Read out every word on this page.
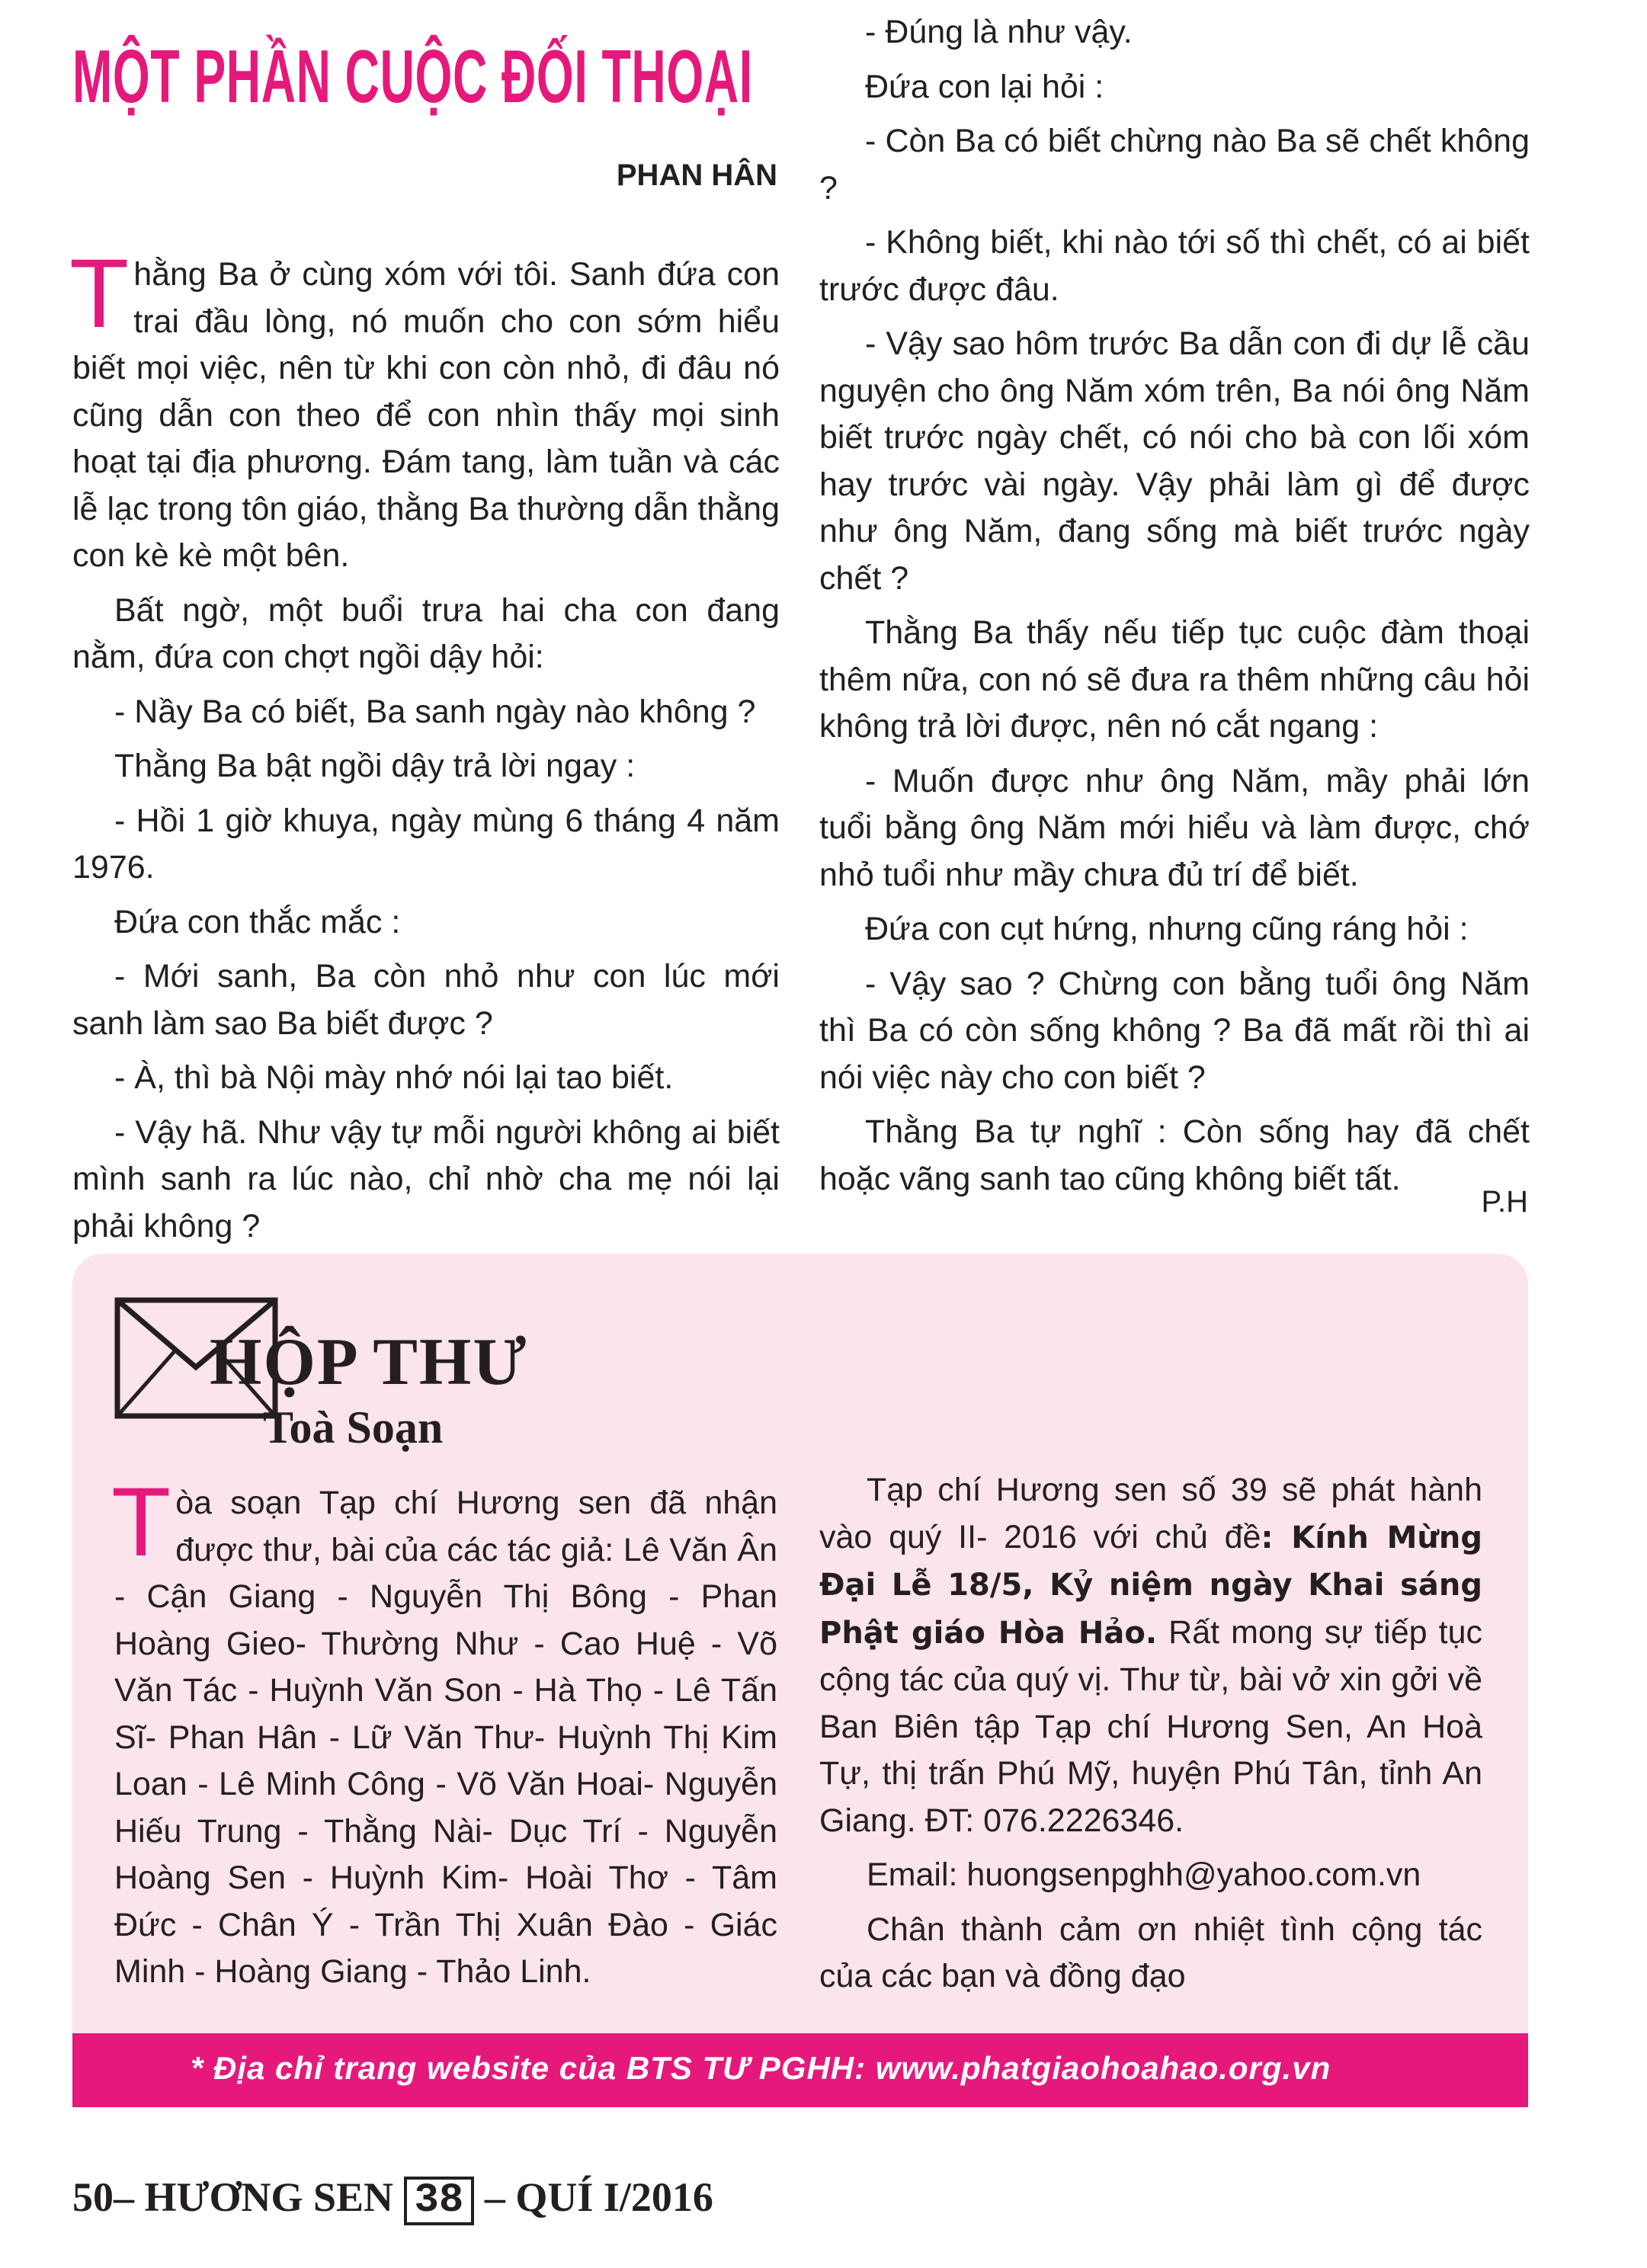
MỘT PHẦN CUỘC ĐỐI THOẠI
PHAN HÂN

Thằng Ba ở cùng xóm với tôi. Sanh đứa con trai đầu lòng, nó muốn cho con sớm hiểu biết mọi việc, nên từ khi con còn nhỏ, đi đâu nó cũng dẫn con theo để con nhìn thấy mọi sinh hoạt tại địa phương. Đám tang, làm tuần và các lễ lạc trong tôn giáo, thằng Ba thường dẫn thằng con kè kè một bên.

Bất ngờ, một buổi trưa hai cha con đang nằm, đứa con chợt ngồi dậy hỏi:

- Nầy Ba có biết, Ba sanh ngày nào không ?

Thằng Ba bật ngồi dậy trả lời ngay :

- Hồi 1 giờ khuya, ngày mùng 6 tháng 4 năm 1976.

Đứa con thắc mắc :

- Mới sanh, Ba còn nhỏ như con lúc mới sanh làm sao Ba biết được ?

- À, thì bà Nội mày nhớ nói lại tao biết.

- Vậy hã. Như vậy tự mỗi người không ai biết mình sanh ra lúc nào, chỉ nhờ cha mẹ nói lại phải không ?

- Đúng là như vậy.

Đứa con lại hỏi :

- Còn Ba có biết chừng nào Ba sẽ chết không ?

- Không biết, khi nào tới số thì chết, có ai biết trước được đâu.

- Vậy sao hôm trước Ba dẫn con đi dự lễ cầu nguyện cho ông Năm xóm trên, Ba nói ông Năm biết trước ngày chết, có nói cho bà con lối xóm hay trước vài ngày. Vậy phải làm gì để được như ông Năm, đang sống mà biết trước ngày chết ?

Thằng Ba thấy nếu tiếp tục cuộc đàm thoại thêm nữa, con nó sẽ đưa ra thêm những câu hỏi không trả lời được, nên nó cắt ngang :

- Muốn được như ông Năm, mầy phải lớn tuổi bằng ông Năm mới hiểu và làm được, chớ nhỏ tuổi như mầy chưa đủ trí để biết.

Đứa con cụt hứng, nhưng cũng ráng hỏi :

- Vậy sao ? Chừng con bằng tuổi ông Năm thì Ba có còn sống không ? Ba đã mất rồi thì ai nói việc này cho con biết ?

Thằng Ba tự nghĩ : Còn sống hay đã chết hoặc vãng sanh tao cũng không biết tất.

P.H
HỘP THƯ
Toà Soạn

Tòa soạn Tạp chí Hương sen đã nhận được thư, bài của các tác giả: Lê Văn Ân - Cận Giang - Nguyễn Thị Bông - Phan Hoàng Gieo- Thường Như - Cao Huệ - Võ Văn Tác - Huỳnh Văn Son - Hà Thọ - Lê Tấn Sĩ- Phan Hân - Lữ Văn Thư- Huỳnh Thị Kim Loan - Lê Minh Công - Võ Văn Hoai- Nguyễn Hiếu Trung - Thằng Nài- Dục Trí - Nguyễn Hoàng Sen - Huỳnh Kim- Hoài Thơ - Tâm Đức - Chân Ý - Trần Thị Xuân Đào - Giác Minh - Hoàng Giang - Thảo Linh.

Tạp chí Hương sen số 39 sẽ phát hành vào quý II- 2016 với chủ đề: Kính Mừng Đại Lễ 18/5, Kỷ niệm ngày Khai sáng Phật giáo Hòa Hảo. Rất mong sự tiếp tục cộng tác của quý vị. Thư từ, bài vở xin gởi về Ban Biên tập Tạp chí Hương Sen, An Hoà Tự, thị trấn Phú Mỹ, huyện Phú Tân, tỉnh An Giang. ĐT: 076.2226346.

Email: huongsenpghh@yahoo.com.vn

Chân thành cảm ơn nhiệt tình cộng tác của các bạn và đồng đạo

* Địa chỉ trang website của BTS TƯ PGHH: www.phatgiaohoahao.org.vn
50– HƯƠNG SEN 38 – QUÍ I/2016
